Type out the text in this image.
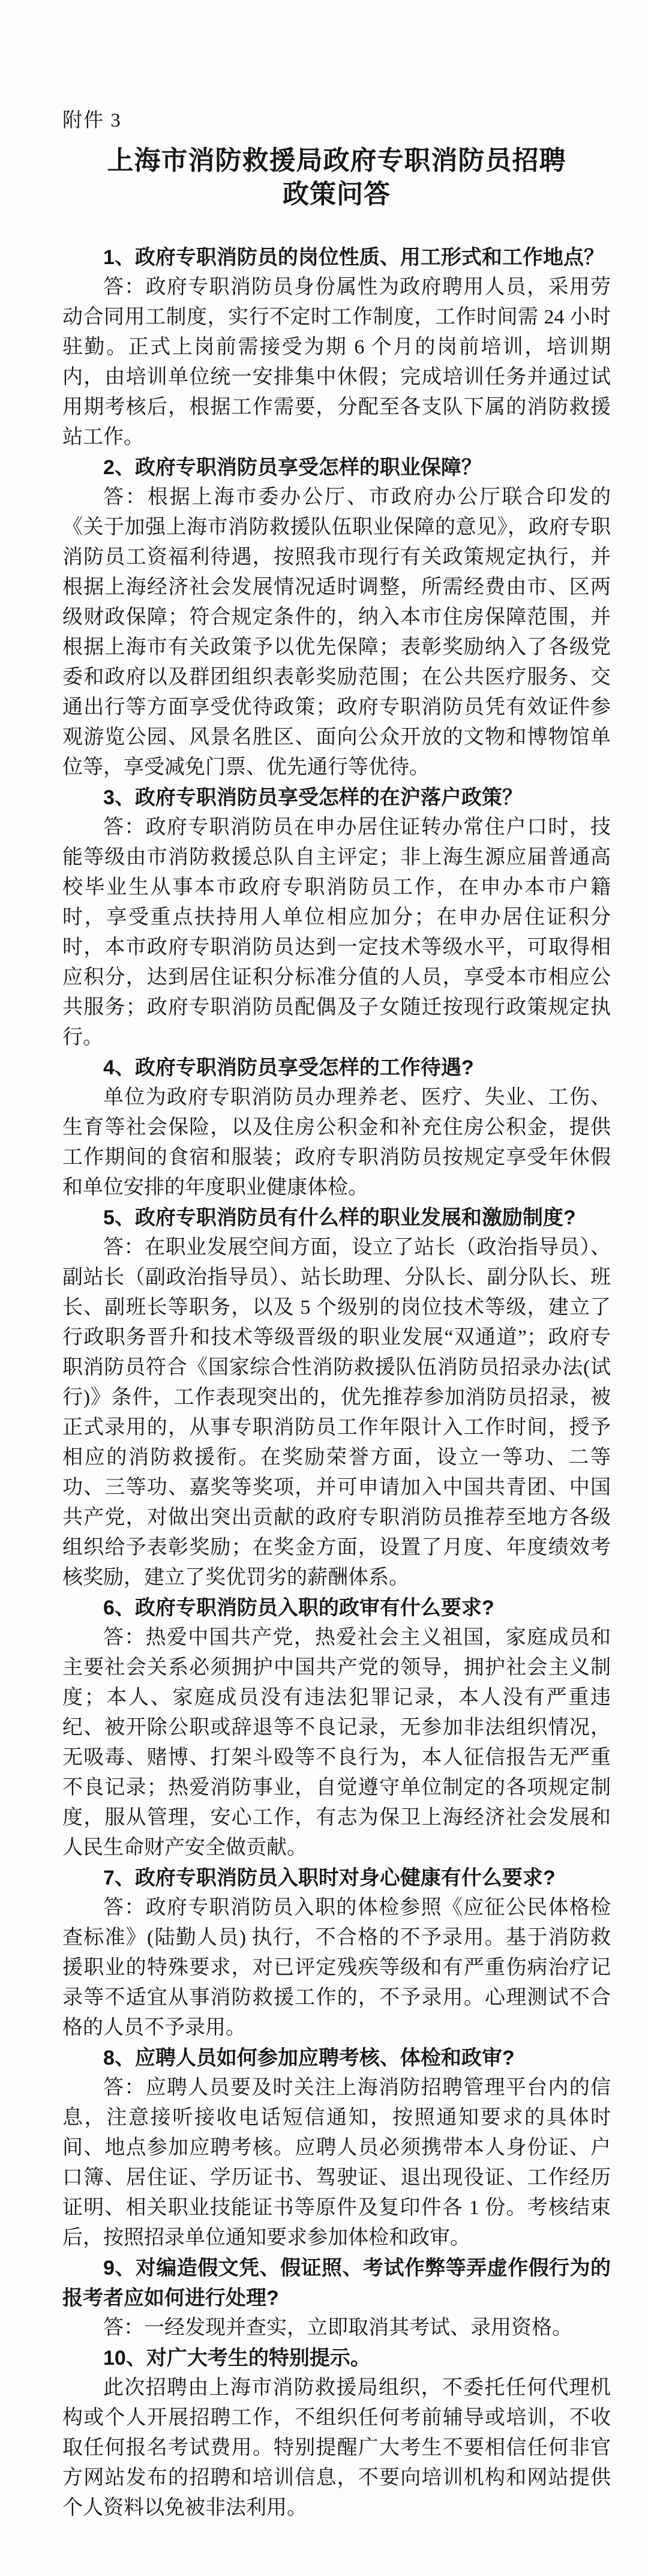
附件 3
上海市消防救援局政府专职消防员招聘
政策问答

1、政府专职消防员的岗位性质、用工形式和工作地点？

答：政府专职消防员身份属性为政府聘用人员，采用劳动合同用工制度，实行不定时工作制度，工作时间需 24 小时驻勤。正式上岗前需接受为期 6 个月的岗前培训，培训期内，由培训单位统一安排集中休假；完成培训任务并通过试用期考核后，根据工作需要，分配至各支队下属的消防救援站工作。

2、政府专职消防员享受怎样的职业保障？

答：根据上海市委办公厅、市政府办公厅联合印发的《关于加强上海市消防救援队伍职业保障的意见》，政府专职消防员工资福利待遇，按照我市现行有关政策规定执行，并根据上海经济社会发展情况适时调整，所需经费由市、区两级财政保障；符合规定条件的，纳入本市住房保障范围，并根据上海市有关政策予以优先保障；表彰奖励纳入了各级党委和政府以及群团组织表彰奖励范围；在公共医疗服务、交通出行等方面享受优待政策；政府专职消防员凭有效证件参观游览公园、风景名胜区、面向公众开放的文物和博物馆单位等，享受减免门票、优先通行等优待。

3、政府专职消防员享受怎样的在沪落户政策？

答：政府专职消防员在申办居住证转办常住户口时，技能等级由市消防救援总队自主评定；非上海生源应届普通高校毕业生从事本市政府专职消防员工作，在申办本市户籍时，享受重点扶持用人单位相应加分；在申办居住证积分时，本市政府专职消防员达到一定技术等级水平，可取得相应积分，达到居住证积分标准分值的人员，享受本市相应公共服务；政府专职消防员配偶及子女随迁按现行政策规定执行。

4、政府专职消防员享受怎样的工作待遇?

单位为政府专职消防员办理养老、医疗、失业、工伤、生育等社会保险，以及住房公积金和补充住房公积金，提供工作期间的食宿和服装；政府专职消防员按规定享受年休假和单位安排的年度职业健康体检。

5、政府专职消防员有什么样的职业发展和激励制度?

答：在职业发展空间方面，设立了站长（政治指导员）、副站长（副政治指导员）、站长助理、分队长、副分队长、班长、副班长等职务，以及 5 个级别的岗位技术等级，建立了行政职务晋升和技术等级晋级的职业发展“双通道”；政府专职消防员符合《国家综合性消防救援队伍消防员招录办法(试行)》条件，工作表现突出的，优先推荐参加消防员招录，被正式录用的，从事专职消防员工作年限计入工作时间，授予相应的消防救援衔。在奖励荣誉方面，设立一等功、二等功、三等功、嘉奖等奖项，并可申请加入中国共青团、中国共产党，对做出突出贡献的政府专职消防员推荐至地方各级组织给予表彰奖励；在奖金方面，设置了月度、年度绩效考核奖励，建立了奖优罚劣的薪酬体系。

6、政府专职消防员入职的政审有什么要求?

答：热爱中国共产党，热爱社会主义祖国，家庭成员和主要社会关系必须拥护中国共产党的领导，拥护社会主义制度；本人、家庭成员没有违法犯罪记录，本人没有严重违纪、被开除公职或辞退等不良记录，无参加非法组织情况，无吸毒、赌博、打架斗殴等不良行为，本人征信报告无严重不良记录；热爱消防事业，自觉遵守单位制定的各项规定制度，服从管理，安心工作，有志为保卫上海经济社会发展和人民生命财产安全做贡献。

7、政府专职消防员入职时对身心健康有什么要求?

答：政府专职消防员入职的体检参照《应征公民体格检查标准》(陆勤人员) 执行，不合格的不予录用。基于消防救援职业的特殊要求，对已评定残疾等级和有严重伤病治疗记录等不适宜从事消防救援工作的，不予录用。心理测试不合格的人员不予录用。

8、应聘人员如何参加应聘考核、体检和政审?

答：应聘人员要及时关注上海消防招聘管理平台内的信息，注意接听接收电话短信通知，按照通知要求的具体时间、地点参加应聘考核。应聘人员必须携带本人身份证、户口簿、居住证、学历证书、驾驶证、退出现役证、工作经历证明、相关职业技能证书等原件及复印件各 1 份。考核结束后，按照招录单位通知要求参加体检和政审。

9、对编造假文凭、假证照、考试作弊等弄虚作假行为的报考者应如何进行处理?

答：一经发现并查实，立即取消其考试、录用资格。

10、对广大考生的特别提示。

此次招聘由上海市消防救援局组织，不委托任何代理机构或个人开展招聘工作，不组织任何考前辅导或培训，不收取任何报名考试费用。特别提醒广大考生不要相信任何非官方网站发布的招聘和培训信息，不要向培训机构和网站提供个人资料以免被非法利用。
